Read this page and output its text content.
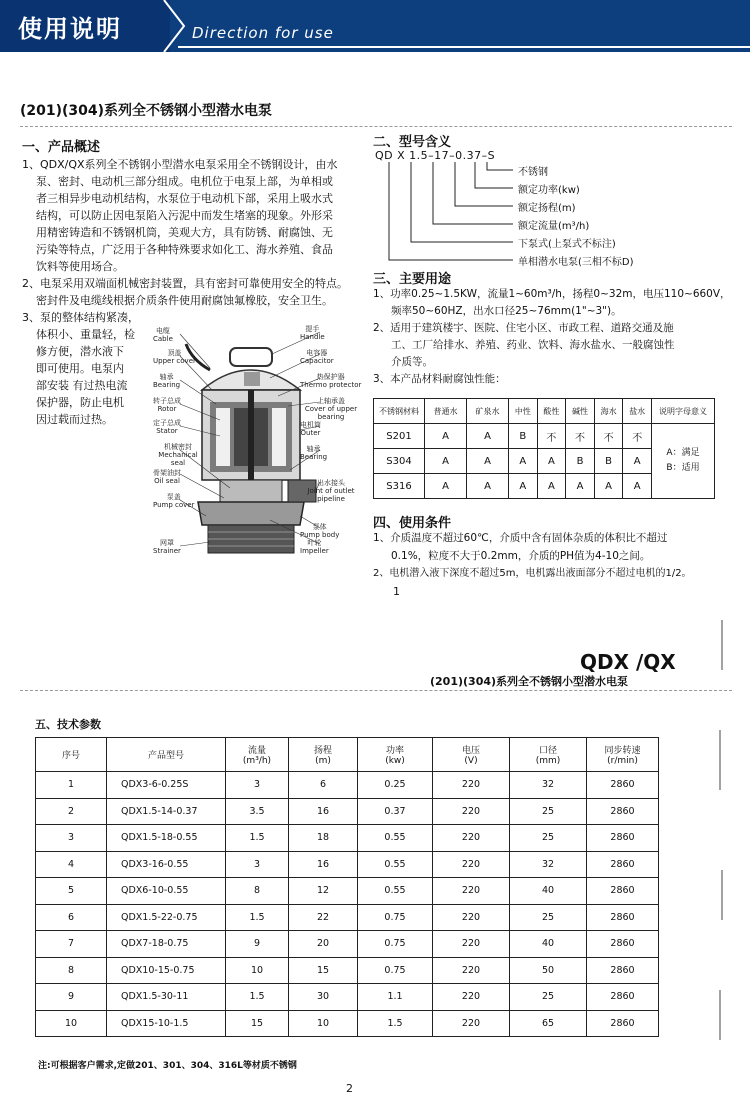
使用说明	Direction for use
(201)(304)系列全不锈钢小型潜水电泵
一、产品概述
1、QDX/QX系列全不锈钢小型潜水电泵采用全不锈钢设计，由水
泵、密封、电动机三部分组成。电机位于电泵上部，为单相或
者三相异步电动机结构，水泵位于电动机下部，采用上吸水式
结构，可以防止因电泵陷入污泥中而发生堵塞的现象。外形采
用精密铸造和不锈钢机筒，美观大方，具有防锈、耐腐蚀、无
污染等特点，广泛用于各种特殊要求如化工、海水养殖、食品
饮料等使用场合。
2、电泵采用双端面机械密封装置，具有密封可靠使用安全的特点。
密封件及电缆线根据介质条件使用耐腐蚀氟橡胶，安全卫生。
3、泵的整体结构紧凑，
体积小、重量轻，检
修方便，潜水液下
即可使用。电泵内
部安装 有过热电流
保护器，防止电机
因过载而过热。
电缆
Cable
顶盖
Upper cover
轴承
Bearing
转子总成
Rotor
定子总成
Stator
机械密封
Mechanical seal
骨架油封
Oil seal
泵盖
Pump cover
网罩
Strainer
提手
Handle
电容器
Capacitor
热保护器
Thermo protector
上轴承盖
Cover of upper bearing
电机筒
Outer
轴承
Bearing
出水接头
Joint of outlet pipeline
泵体
Pump body
叶轮
Impeller
二、型号含义
QD X 1.5–17–0.37–S
不锈钢
额定功率(kw)
额定扬程(m)
额定流量(m³/h)
下泵式(上泵式不标注)
单相潜水电泵(三相不标D)
三、主要用途
1、功率0.25~1.5KW，流量1~60m³/h，扬程0~32m，电压110~660V，
频率50~60HZ，出水口径25~76mm(1"~3")。
2、适用于建筑楼宇、医院、住宅小区、市政工程、道路交通及施
工、工厂给排水、养殖、药业、饮料、海水盐水、一般腐蚀性
介质等。
3、本产品材料耐腐蚀性能：
不锈钢材料	普通水	矿泉水	中性	酸性	碱性	海水	盐水	说明字母意义
S201	A	A	B	不	不	不	不	A：满足
B：适用

S304	A	A	A	A	B	B	A	
S316	A	A	A	A	A	A	A	
四、使用条件
1、介质温度不超过60℃，介质中含有固体杂质的体积比不超过
0.1%，粒度不大于0.2mm，介质的PH值为4-10之间。
2、电机潜入液下深度不超过5m，电机露出液面部分不超过电机的1/2。
1
QDX /QX
(201)(304)系列全不锈钢小型潜水电泵
五、技术参数
序号	产品型号	流量
(m³/h)	扬程
(m)	功率
(kw)	电压
(V)	口径
(mm)	同步转速
(r/min)

1	QDX3-6-0.25S	3	6	0.25	220	32	2860
2	QDX1.5-14-0.37	3.5	16	0.37	220	25	2860
3	QDX1.5-18-0.55	1.5	18	0.55	220	25	2860
4	QDX3-16-0.55	3	16	0.55	220	32	2860
5	QDX6-10-0.55	8	12	0.55	220	40	2860
6	QDX1.5-22-0.75	1.5	22	0.75	220	25	2860
7	QDX7-18-0.75	9	20	0.75	220	40	2860
8	QDX10-15-0.75	10	15	0.75	220	50	2860
9	QDX1.5-30-11	1.5	30	1.1	220	25	2860
10	QDX15-10-1.5	15	10	1.5	220	65	2860
注:可根据客户需求,定做201、301、304、316L等材质不锈钢
2
